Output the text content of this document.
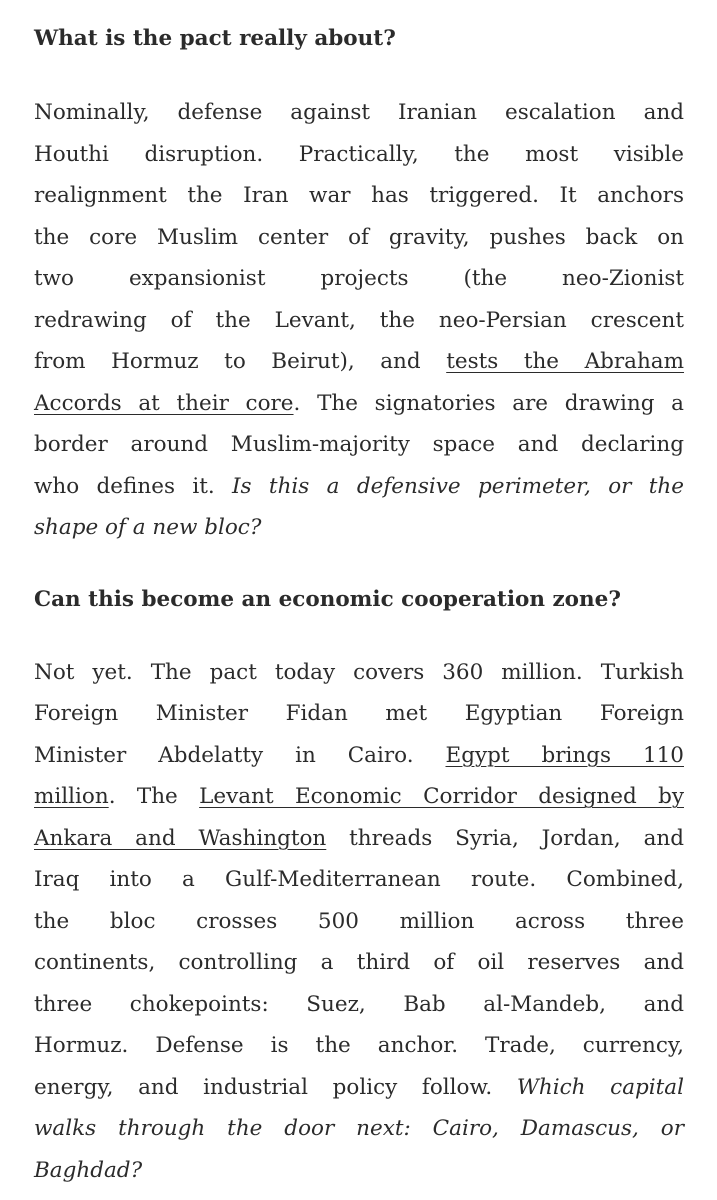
What is the pact really about?
Nominally, defense against Iranian escalation and
Houthi disruption. Practically, the most visible
realignment the Iran war has triggered. It anchors
the core Muslim center of gravity, pushes back on
two expansionist projects (the neo-Zionist
redrawing of the Levant, the neo-Persian crescent
from Hormuz to Beirut), and tests the Abraham
Accords at their core. The signatories are drawing a
border around Muslim-majority space and declaring
who defines it. Is this a defensive perimeter, or the
shape of a new bloc?
Can this become an economic cooperation zone?
Not yet. The pact today covers 360 million. Turkish
Foreign Minister Fidan met Egyptian Foreign
Minister Abdelatty in Cairo. Egypt brings 110
million. The Levant Economic Corridor designed by
Ankara and Washington threads Syria, Jordan, and
Iraq into a Gulf-Mediterranean route. Combined,
the bloc crosses 500 million across three
continents, controlling a third of oil reserves and
three chokepoints: Suez, Bab al-Mandeb, and
Hormuz. Defense is the anchor. Trade, currency,
energy, and industrial policy follow. Which capital
walks through the door next: Cairo, Damascus, or
Baghdad?
